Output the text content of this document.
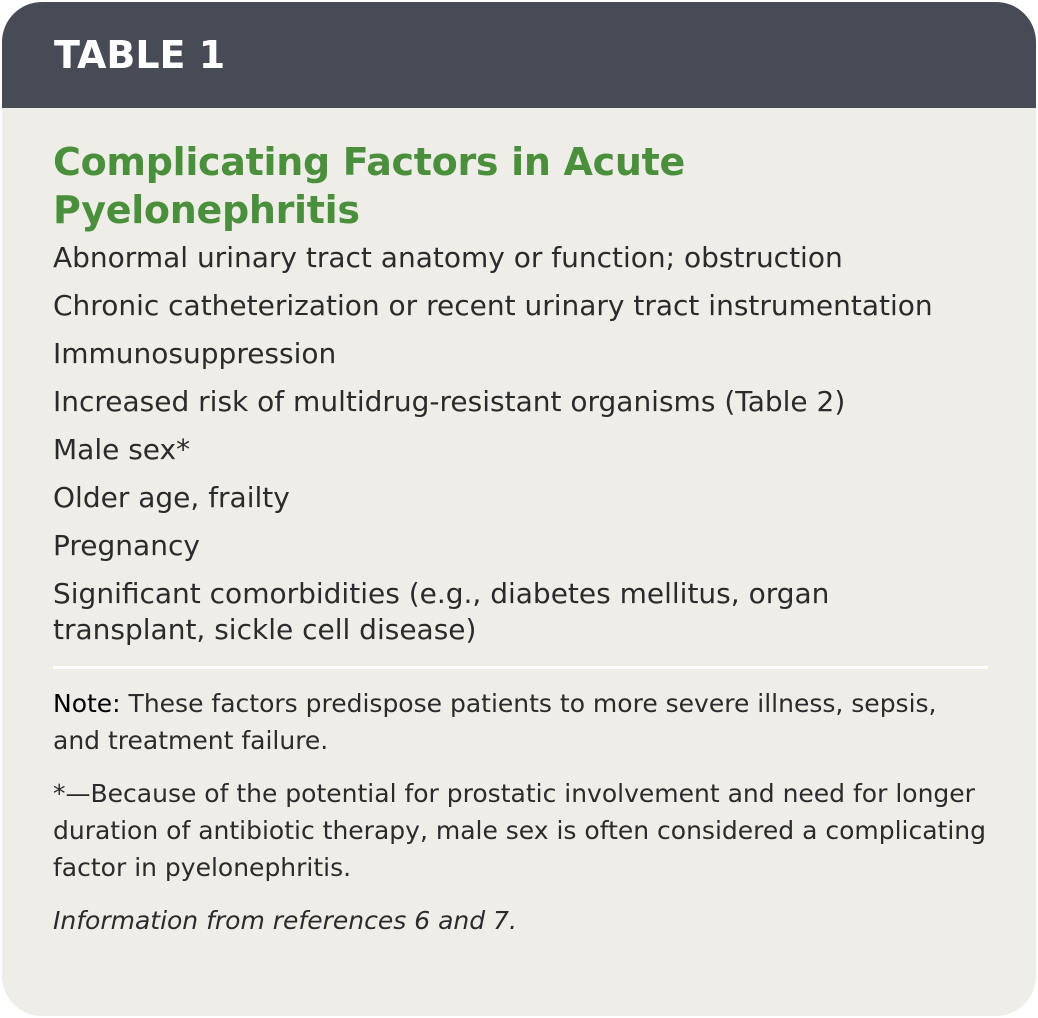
TABLE 1
Complicating Factors in Acute Pyelonephritis
Abnormal urinary tract anatomy or function; obstruction
Chronic catheterization or recent urinary tract instrumentation
Immunosuppression
Increased risk of multidrug-resistant organisms (Table 2)
Male sex*
Older age, frailty
Pregnancy
Significant comorbidities (e.g., diabetes mellitus, organ transplant, sickle cell disease)

Note: These factors predispose patients to more severe illness, sepsis, and treatment failure.

*—Because of the potential for prostatic involvement and need for longer duration of antibiotic therapy, male sex is often considered a complicating factor in pyelonephritis.

Information from references 6 and 7.
